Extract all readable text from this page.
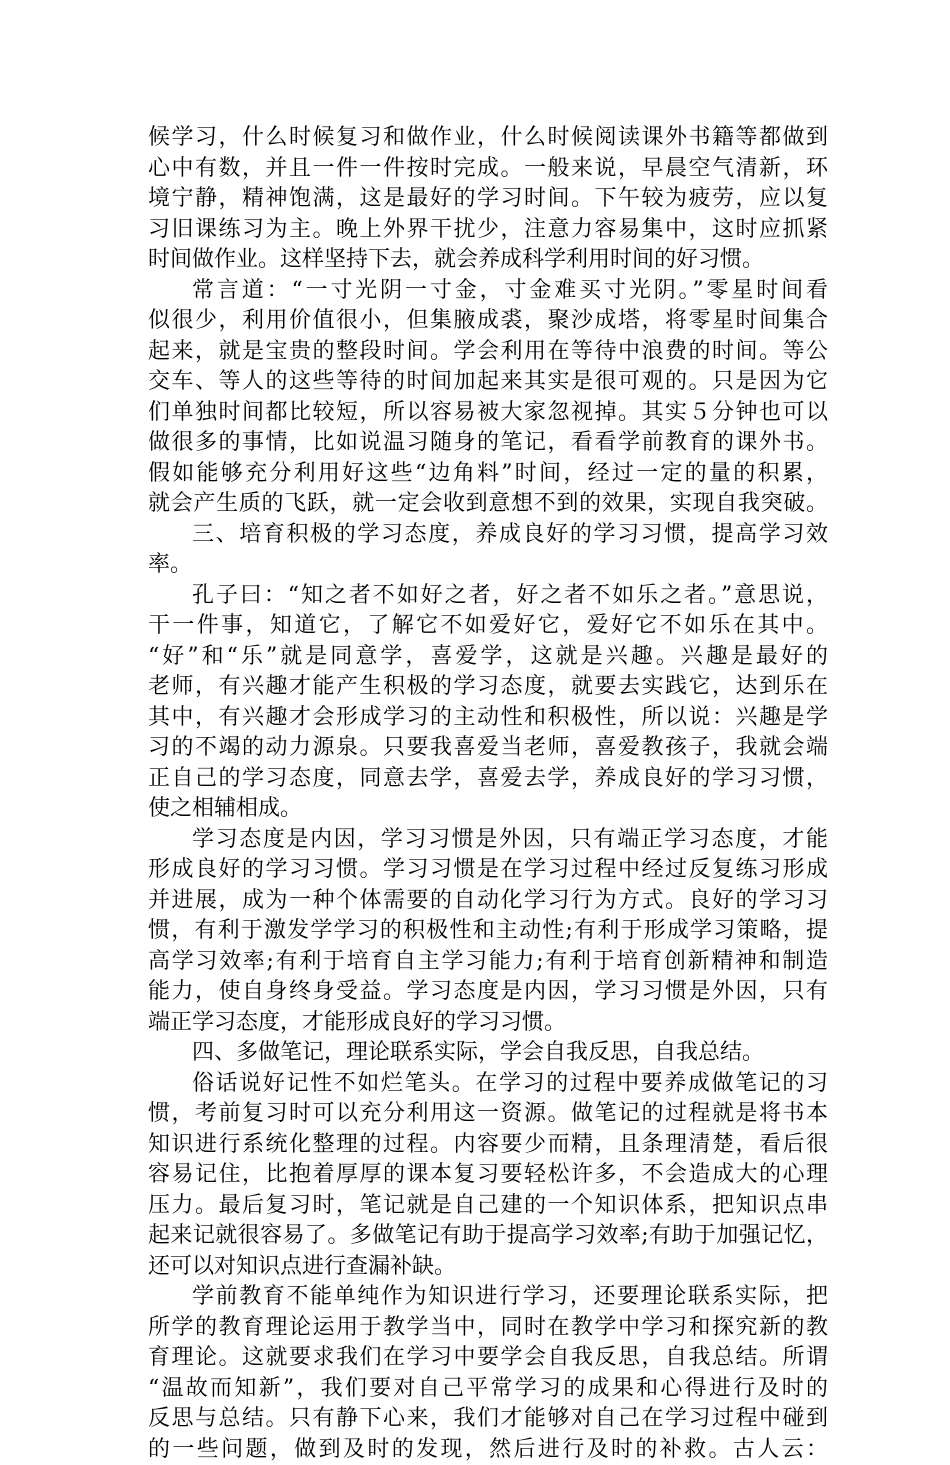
候学习，什么时候复习和做作业，什么时候阅读课外书籍等都做到
心中有数，并且一件一件按时完成。一般来说，早晨空气清新，环
境宁静，精神饱满，这是最好的学习时间。下午较为疲劳，应以复
习旧课练习为主。晚上外界干扰少，注意力容易集中，这时应抓紧
时间做作业。这样坚持下去，就会养成科学利用时间的好习惯。
常言道：“一寸光阴一寸金，寸金难买寸光阴。”零星时间看
似很少，利用价值很小，但集腋成裘，聚沙成塔，将零星时间集合
起来，就是宝贵的整段时间。学会利用在等待中浪费的时间。等公
交车、等人的这些等待的时间加起来其实是很可观的。只是因为它
们单独时间都比较短，所以容易被大家忽视掉。其实５分钟也可以
做很多的事情，比如说温习随身的笔记，看看学前教育的课外书。
假如能够充分利用好这些“边角料”时间，经过一定的量的积累，
就会产生质的飞跃，就一定会收到意想不到的效果，实现自我突破。
三、培育积极的学习态度，养成良好的学习习惯，提高学习效
率。
孔子曰：“知之者不如好之者，好之者不如乐之者。”意思说，
干一件事，知道它，了解它不如爱好它，爱好它不如乐在其中。
“好”和“乐”就是同意学，喜爱学，这就是兴趣。兴趣是最好的
老师，有兴趣才能产生积极的学习态度，就要去实践它，达到乐在
其中，有兴趣才会形成学习的主动性和积极性，所以说：兴趣是学
习的不竭的动力源泉。只要我喜爱当老师，喜爱教孩子，我就会端
正自己的学习态度，同意去学，喜爱去学，养成良好的学习习惯，
使之相辅相成。
学习态度是内因，学习习惯是外因，只有端正学习态度，才能
形成良好的学习习惯。学习习惯是在学习过程中经过反复练习形成
并进展，成为一种个体需要的自动化学习行为方式。良好的学习习
惯，有利于激发学学习的积极性和主动性;有利于形成学习策略，提
高学习效率;有利于培育自主学习能力;有利于培育创新精神和制造
能力，使自身终身受益。学习态度是内因，学习习惯是外因，只有
端正学习态度，才能形成良好的学习习惯。
四、多做笔记，理论联系实际，学会自我反思，自我总结。
俗话说好记性不如烂笔头。在学习的过程中要养成做笔记的习
惯，考前复习时可以充分利用这一资源。做笔记的过程就是将书本
知识进行系统化整理的过程。内容要少而精，且条理清楚，看后很
容易记住，比抱着厚厚的课本复习要轻松许多，不会造成大的心理
压力。最后复习时，笔记就是自己建的一个知识体系，把知识点串
起来记就很容易了。多做笔记有助于提高学习效率;有助于加强记忆，
还可以对知识点进行查漏补缺。
学前教育不能单纯作为知识进行学习，还要理论联系实际，把
所学的教育理论运用于教学当中，同时在教学中学习和探究新的教
育理论。这就要求我们在学习中要学会自我反思，自我总结。所谓
“温故而知新”，我们要对自己平常学习的成果和心得进行及时的
反思与总结。只有静下心来，我们才能够对自己在学习过程中碰到
的一些问题，做到及时的发现，然后进行及时的补救。古人云：
